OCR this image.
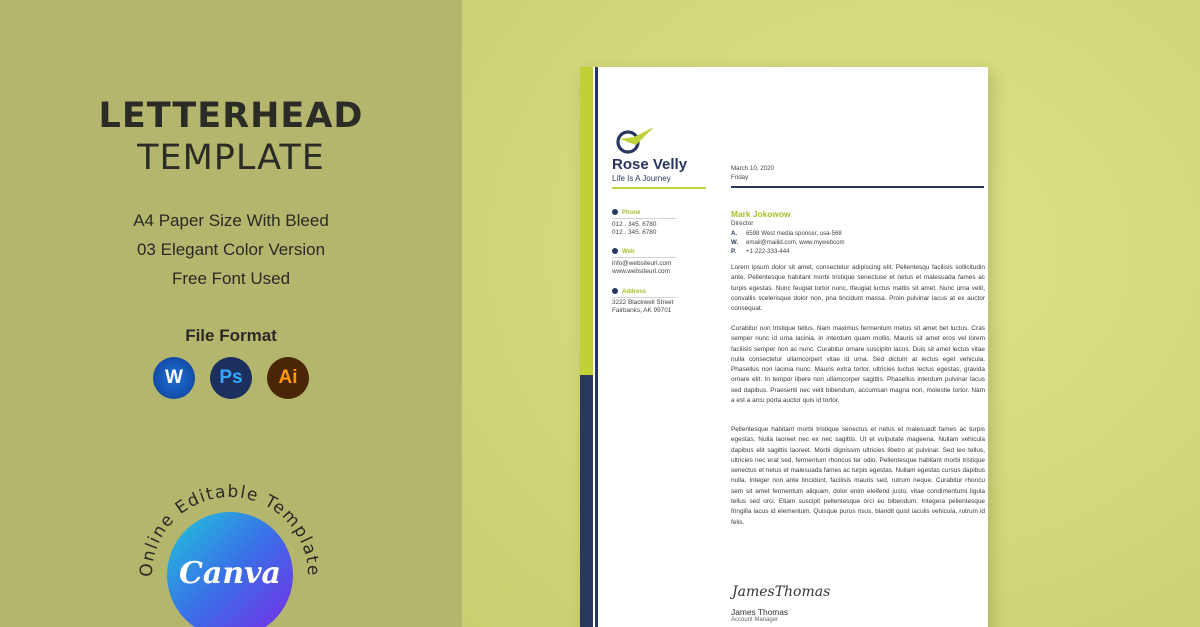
LETTERHEAD
TEMPLATE
A4 Paper Size With Bleed
03 Elegant Color Version
Free Font Used
File Format
W Ps Ai
Online Editable Template
Canva
Rose Velly
Life Is A Journey
Phone
012 . 345. 6780
012 . 345. 6780
Web
info@websiteurl.com
www.websiteurl.com
Address
3222 Blackwell Street
Fairbanks, AK 99701
March 10, 2020
Friday
Mark Jokowow
Director
A. 6598 West media sponcer, usa-568
W. email@mailid.com, www.mywebcom
P. +1-222-333-444
Lorem ipsum dolor sit amet, consectetur adipiscing elit. Pellentesqu facilisis sollicitudin ante. Pellentesque habitant morbi tristique senectuse et netus et malesuada fames ac turpis egestas. Nunc feugiat tortor nunc, tfeugiat luctus mattis sit amet. Nunc urna velit, convallis scelerisque dolor non, pna tincidunt massa. Proin pulvinar lacus at ex auctor consequat.
Curabitur non tristique tellus. Nam maximus fermentum metus sit amet bet luctus. Cras semper nunc id urna lacinia, in interdum quam mollis. Mauris sit amet eros vel lorem facilisis semper non ac nunc. Curabitur ornare suscipitn lacus. Duis sit amet lectus vitae nulla consectetur ullamcorpert vitae id urna. Sed dictum at lectus eget vehicula. Phasellus non lacinia nunc. Mauris extra tortor, ultricies luctus lectus egestas, gravida ornare elit. In tempor libere non ullamcorper sagittis. Phasellus interdum pulvinar lacus sed dapibus. Praesenti nec velit bibendum, accumsan magna non, molestie tortor. Nam a est a arcu porta auctor quis id tortor.
Pellentesque habitant morbi tristique senectus et netus et malesuadt fames ac turpis egestas. Nulla laoreet nec ex nec sagittis. Ut et vulputate mageena. Nullam vehicula dapibus elit sagittis laoreet. Morbi dignissim ultricies libetro at pulvinar. Sed leo tellus, ultricies nec erat sed, fermentum rhoncus ter odio. Pellentesque habitant morbi tristique senectus et netus et malesuada fames ac turpis egestas. Nullam egestas cursus dapibus nulla. Integer non ante tincidunt, facilisis mauris sed, rutrum neque. Curabitur rhoncu sem sit amet fermentum aliquam, dolor enim eleifend justo, vitae condimentumi ligula tellus sed orci. Etiam suscipit pellentesque orci eu bibendum. Integera pellentesque fringilla lacus id elementum. Quisque purus risus, blandit quist iaculis vehicula, rutrum id felis.
JamesThomas
James Thomas
Account Manager
